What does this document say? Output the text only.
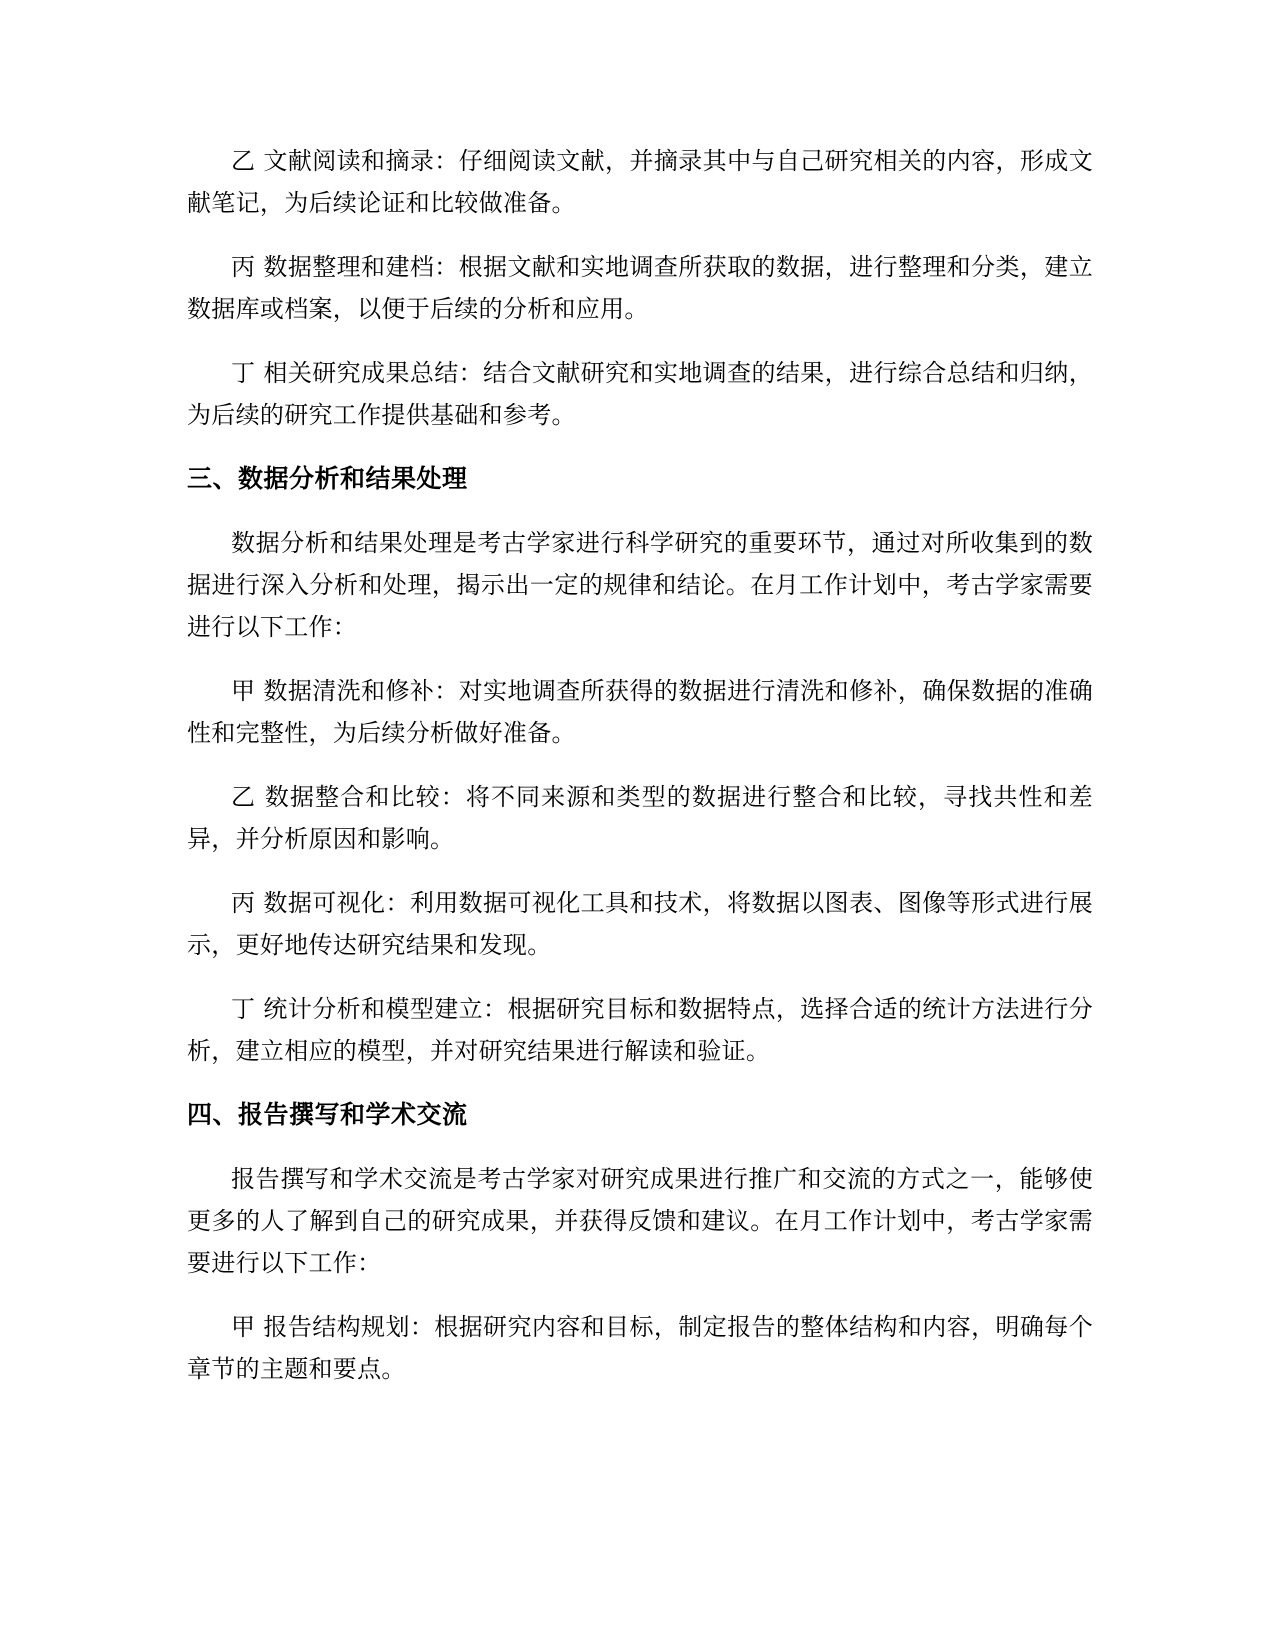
乙 文献阅读和摘录：仔细阅读文献，并摘录其中与自己研究相关的内容，形成文献笔记，为后续论证和比较做准备。

丙 数据整理和建档：根据文献和实地调查所获取的数据，进行整理和分类，建立数据库或档案，以便于后续的分析和应用。

丁 相关研究成果总结：结合文献研究和实地调查的结果，进行综合总结和归纳，为后续的研究工作提供基础和参考。

三、数据分析和结果处理

数据分析和结果处理是考古学家进行科学研究的重要环节，通过对所收集到的数据进行深入分析和处理，揭示出一定的规律和结论。在月工作计划中，考古学家需要进行以下工作：

甲 数据清洗和修补：对实地调查所获得的数据进行清洗和修补，确保数据的准确性和完整性，为后续分析做好准备。

乙 数据整合和比较：将不同来源和类型的数据进行整合和比较，寻找共性和差异，并分析原因和影响。

丙 数据可视化：利用数据可视化工具和技术，将数据以图表、图像等形式进行展示，更好地传达研究结果和发现。

丁 统计分析和模型建立：根据研究目标和数据特点，选择合适的统计方法进行分析，建立相应的模型，并对研究结果进行解读和验证。

四、报告撰写和学术交流

报告撰写和学术交流是考古学家对研究成果进行推广和交流的方式之一，能够使更多的人了解到自己的研究成果，并获得反馈和建议。在月工作计划中，考古学家需要进行以下工作：

甲 报告结构规划：根据研究内容和目标，制定报告的整体结构和内容，明确每个章节的主题和要点。
